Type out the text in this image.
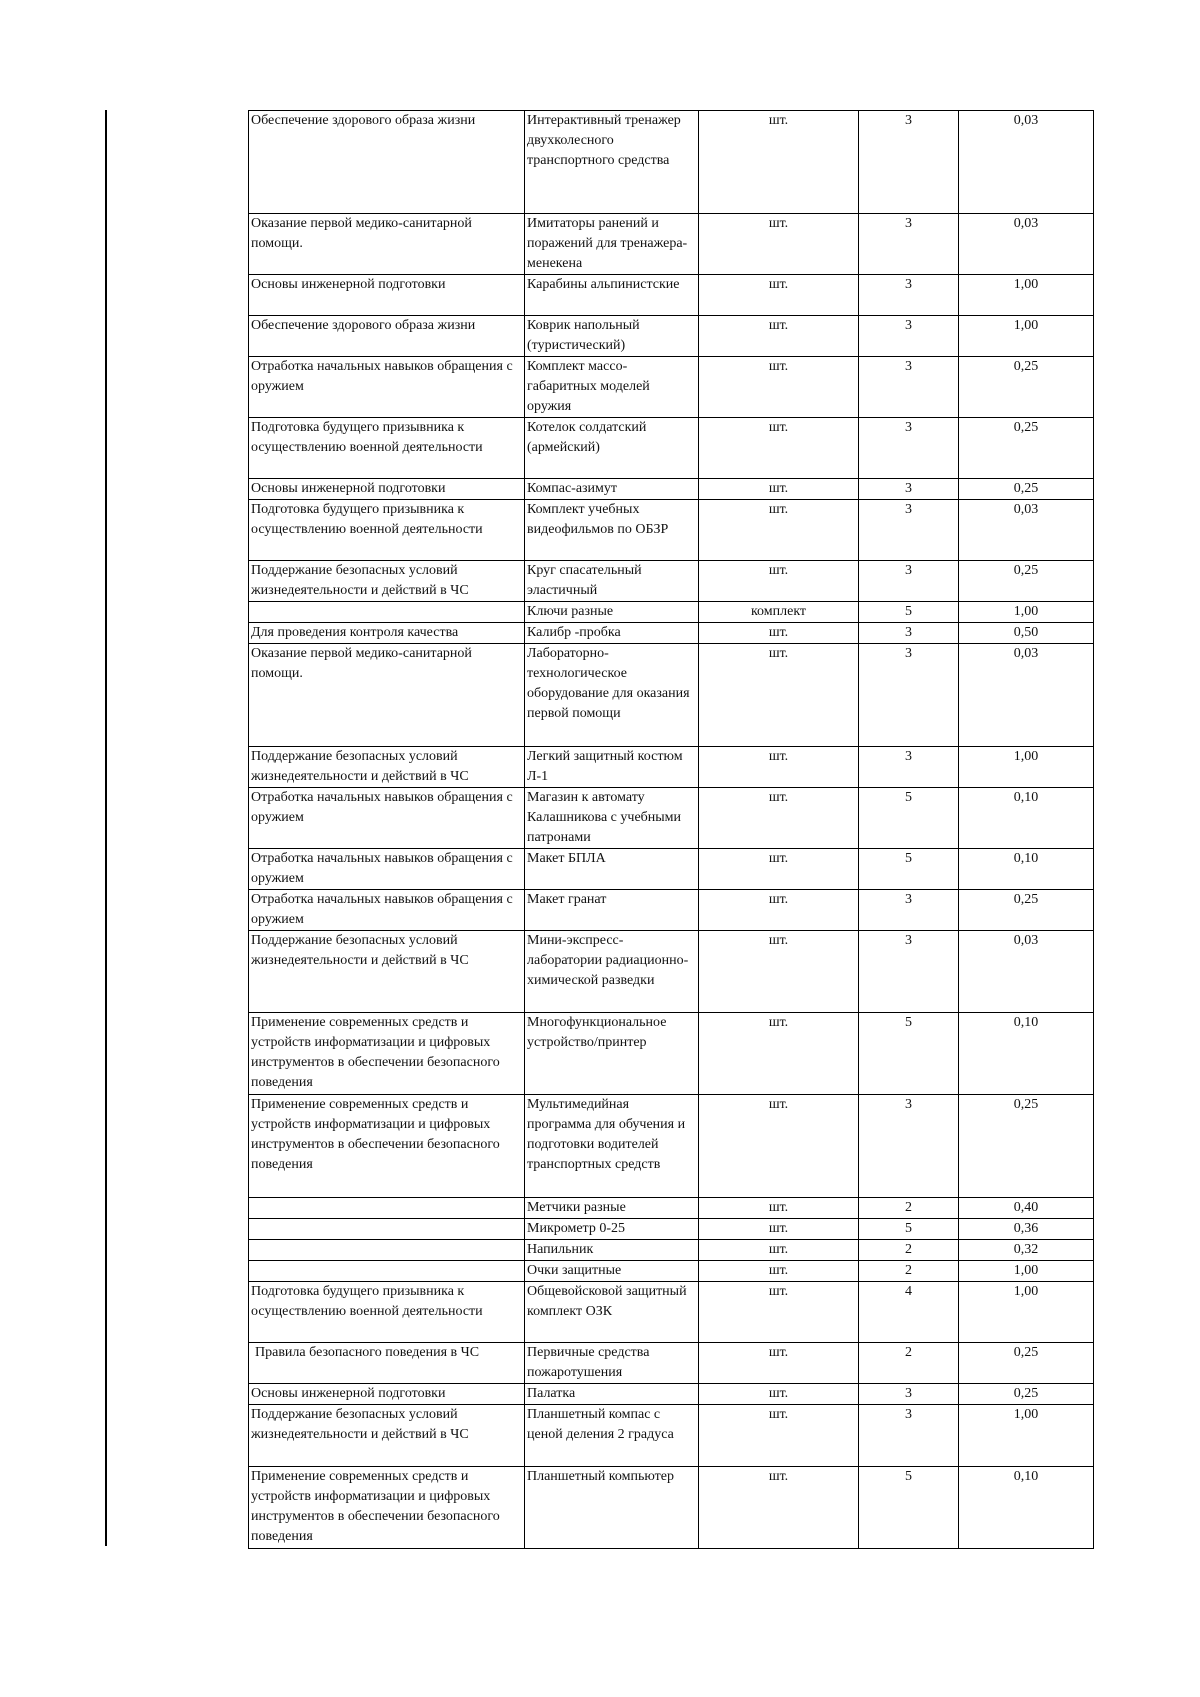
Обеспечение здорового образа жизни	Интерактивный тренажер двухколесного транспортного средства	шт.	3	0,03
Оказание первой медико-санитарной помощи.	Имитаторы ранений и поражений для тренажера-менекена	шт.	3	0,03
Основы инженерной подготовки	Карабины альпинистские	шт.	3	1,00
Обеспечение здорового образа жизни	Коврик напольный (туристический)	шт.	3	1,00
Отработка начальных навыков обращения с оружием	Комплект массо-габаритных моделей оружия	шт.	3	0,25
Подготовка будущего призывника к осуществлению военной деятельности	Котелок солдатский (армейский)	шт.	3	0,25
Основы инженерной подготовки	Компас-азимут	шт.	3	0,25
Подготовка будущего призывника к осуществлению военной деятельности	Комплект учебных видеофильмов по ОБЗР	шт.	3	0,03
Поддержание безопасных условий жизнедеятельности и действий в ЧС	Круг спасательный эластичный	шт.	3	0,25
	Ключи разные	комплект	5	1,00
Для проведения контроля качества	Калибр -пробка	шт.	3	0,50
Оказание первой медико-санитарной помощи.	Лабораторно-технологическое оборудование для оказания первой помощи	шт.	3	0,03
Поддержание безопасных условий жизнедеятельности и действий в ЧС	Легкий защитный костюм Л-1	шт.	3	1,00
Отработка начальных навыков обращения с оружием	Магазин к автомату Калашникова с учебными патронами	шт.	5	0,10
Отработка начальных навыков обращения с оружием	Макет БПЛА	шт.	5	0,10
Отработка начальных навыков обращения с оружием	Макет гранат	шт.	3	0,25
Поддержание безопасных условий жизнедеятельности и действий в ЧС	Мини-экспресс-лаборатории радиационно-химической разведки	шт.	3	0,03
Применение современных средств и устройств информатизации и цифровых инструментов в обеспечении безопасного поведения	Многофункциональное устройство/принтер	шт.	5	0,10
Применение современных средств и устройств информатизации и цифровых инструментов в обеспечении безопасного поведения	Мультимедийная программа для обучения и подготовки водителей транспортных средств	шт.	3	0,25
	Метчики разные	шт.	2	0,40
	Микрометр 0-25	шт.	5	0,36
	Напильник	шт.	2	0,32
	Очки защитные	шт.	2	1,00
Подготовка будущего призывника к осуществлению военной деятельности	Общевойсковой защитный комплект ОЗК	шт.	4	1,00
Правила безопасного поведения в ЧС	Первичные средства пожаротушения	шт.	2	0,25
Основы инженерной подготовки	Палатка	шт.	3	0,25
Поддержание безопасных условий жизнедеятельности и действий в ЧС	Планшетный компас с ценой деления 2 градуса	шт.	3	1,00
Применение современных средств и устройств информатизации и цифровых инструментов в обеспечении безопасного поведения	Планшетный компьютер	шт.	5	0,10
